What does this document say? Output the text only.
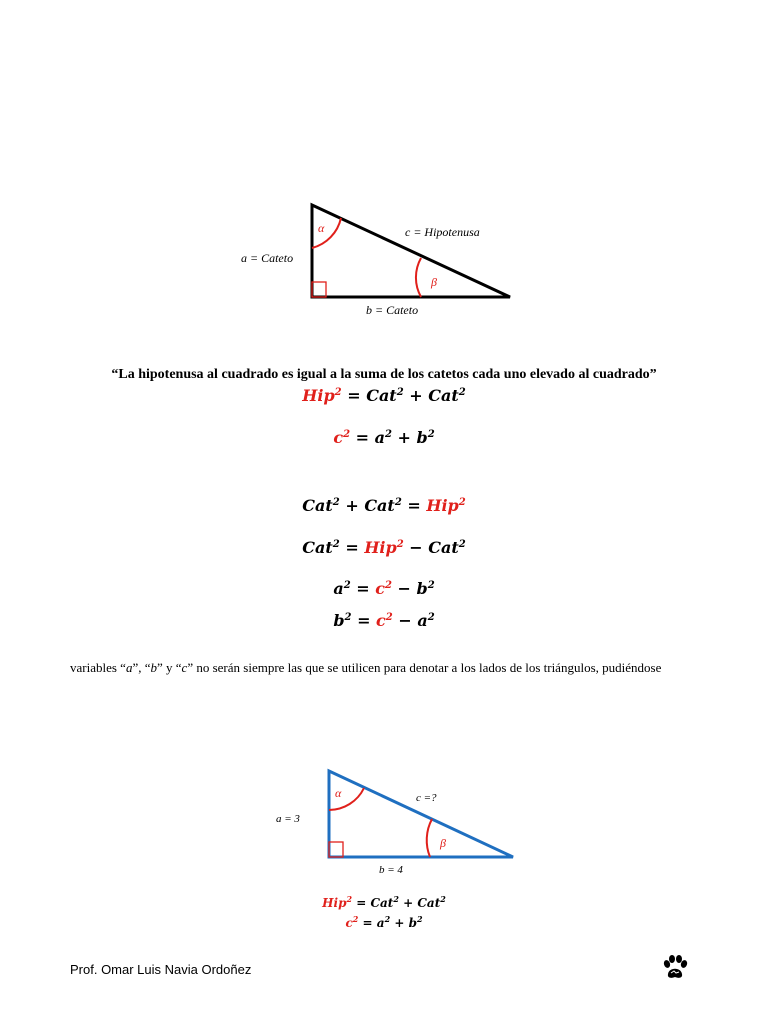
α
β
a = Cateto
c = Hipotenusa
b = Cateto
“La hipotenusa al cuadrado es igual a la suma de los catetos cada uno elevado al cuadrado”
Hip$^2$ = Cat$^2$ + Cat$^2$
$c^2 = a^2 + b^2$
Cat$^2$ + Cat$^2$ = Hip$^2$
Cat$^2$ = Hip$^2$ − Cat$^2$
$a^2 = c^2 - b^2$
$b^2 = c^2 - a^2$
variables “a”, “b” y “c” no serán siempre las que se utilicen para denotar a los lados de los triángulos, pudiéndose
α
β
a = 3
c =?
b = 4
Hip$^2$ = Cat$^2$ + Cat$^2$
$c^2 = a^2 + b^2$
Prof. Omar Luis Navia Ordoñez
